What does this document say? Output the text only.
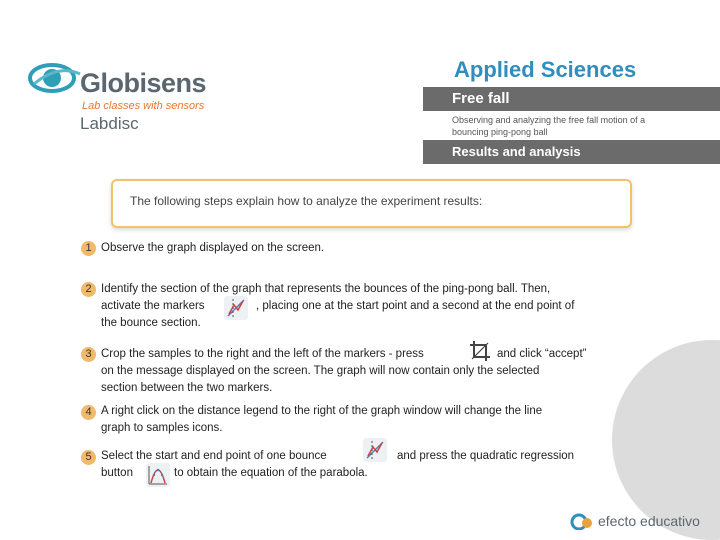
Globisens
Lab classes with sensors
Labdisc
Applied Sciences
Free fall
Observing and analyzing the free fall motion of a bouncing ping-pong ball
Results and analysis
The following steps explain how to analyze the experiment results:
1 Observe the graph displayed on the screen.
2 Identify the section of the graph that represents the bounces of the ping-pong ball. Then,
activate the markers	, placing one at the start point and a second at the end point of
the bounce section.
3 Crop the samples to the right and the left of the markers - press	and click “accept”
on the message displayed on the screen. The graph will now contain only the selected
section between the two markers.
4 A right click on the distance legend to the right of the graph window will change the line
graph to samples icons.
5 Select the start and end point of one bounce	and press the quadratic regression
button	to obtain the equation of the parabola.
efecto educativo
